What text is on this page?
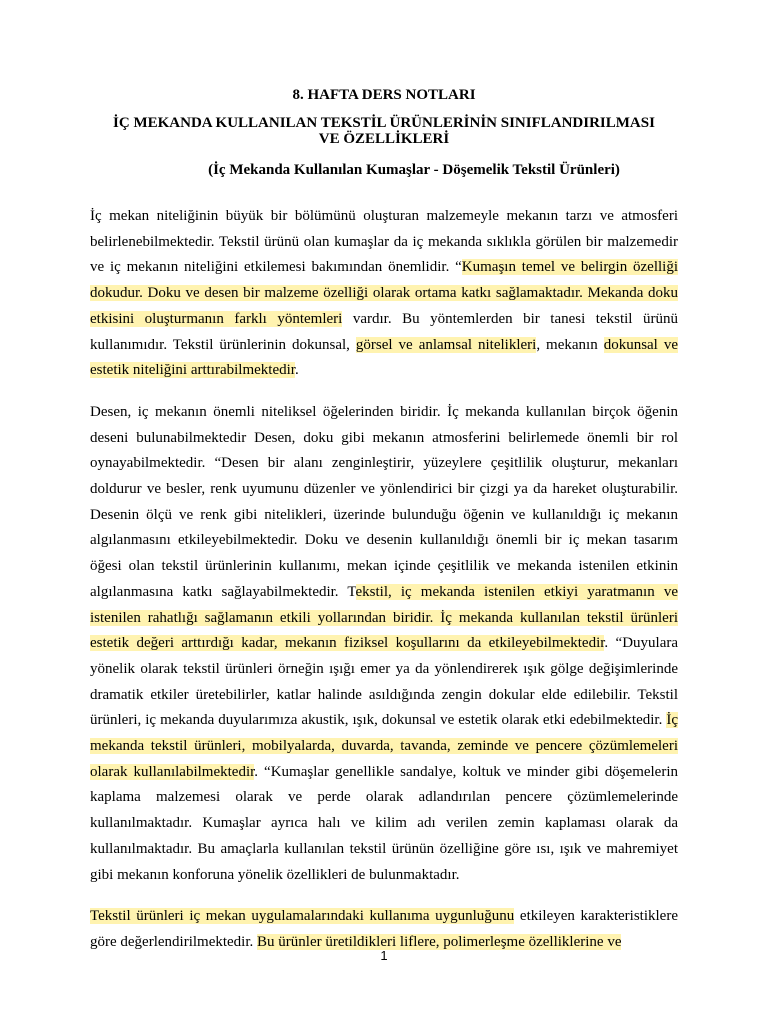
8. HAFTA DERS NOTLARI

İÇ MEKANDA KULLANILAN TEKSTİL ÜRÜNLERİNİN SINIFLANDIRILMASI VE ÖZELLİKLERİ

(İç Mekanda Kullanılan Kumaşlar - Döşemelik Tekstil Ürünleri)

İç mekan niteliğinin büyük bir bölümünü oluşturan malzemeyle mekanın tarzı ve atmosferi belirlenebilmektedir. Tekstil ürünü olan kumaşlar da iç mekanda sıklıkla görülen bir malzemedir ve iç mekanın niteliğini etkilemesi bakımından önemlidir. “Kumaşın temel ve belirgin özelliği dokudur. Doku ve desen bir malzeme özelliği olarak ortama katkı sağlamaktadır. Mekanda doku etkisini oluşturmanın farklı yöntemleri vardır. Bu yöntemlerden bir tanesi tekstil ürünü kullanımıdır. Tekstil ürünlerinin dokunsal, görsel ve anlamsal nitelikleri, mekanın dokunsal ve estetik niteliğini arttırabilmektedir.

Desen, iç mekanın önemli niteliksel öğelerinden biridir. İç mekanda kullanılan birçok öğenin deseni bulunabilmektedir Desen, doku gibi mekanın atmosferini belirlemede önemli bir rol oynayabilmektedir. “Desen bir alanı zenginleştirir, yüzeylere çeşitlilik oluşturur, mekanları doldurur ve besler, renk uyumunu düzenler ve yönlendirici bir çizgi ya da hareket oluşturabilir. Desenin ölçü ve renk gibi nitelikleri, üzerinde bulunduğu öğenin ve kullanıldığı iç mekanın algılanmasını etkileyebilmektedir. Doku ve desenin kullanıldığı önemli bir iç mekan tasarım öğesi olan tekstil ürünlerinin kullanımı, mekan içinde çeşitlilik ve mekanda istenilen etkinin algılanmasına katkı sağlayabilmektedir. Tekstil, iç mekanda istenilen etkiyi yaratmanın ve istenilen rahatlığı sağlamanın etkili yollarından biridir. İç mekanda kullanılan tekstil ürünleri estetik değeri arttırdığı kadar, mekanın fiziksel koşullarını da etkileyebilmektedir. “Duyulara yönelik olarak tekstil ürünleri örneğin ışığı emer ya da yönlendirerek ışık gölge değişimlerinde dramatik etkiler üretebilirler, katlar halinde asıldığında zengin dokular elde edilebilir. Tekstil ürünleri, iç mekanda duyularımıza akustik, ışık, dokunsal ve estetik olarak etki edebilmektedir. İç mekanda tekstil ürünleri, mobilyalarda, duvarda, tavanda, zeminde ve pencere çözümlemeleri olarak kullanılabilmektedir. “Kumaşlar genellikle sandalye, koltuk ve minder gibi döşemelerin kaplama malzemesi olarak ve perde olarak adlandırılan pencere çözümlemelerinde kullanılmaktadır. Kumaşlar ayrıca halı ve kilim adı verilen zemin kaplaması olarak da kullanılmaktadır. Bu amaçlarla kullanılan tekstil ürünün özelliğine göre ısı, ışık ve mahremiyet gibi mekanın konforuna yönelik özellikleri de bulunmaktadır.

Tekstil ürünleri iç mekan uygulamalarındaki kullanıma uygunluğunu etkileyen karakteristiklere göre değerlendirilmektedir. Bu ürünler üretildikleri liflere, polimerleşme özelliklerine ve

1
